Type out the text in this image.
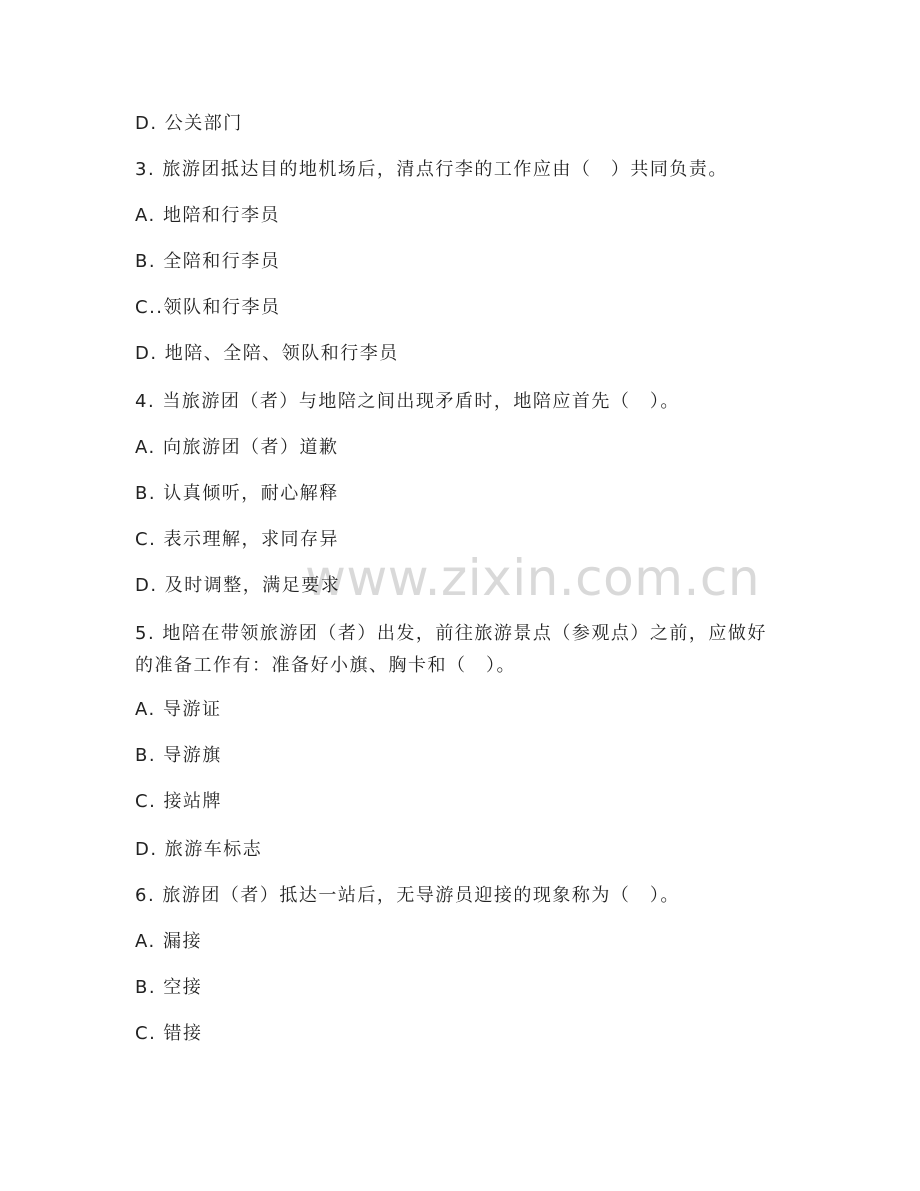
www.zixin.com.cn
D. 公关部门
3. 旅游团抵达目的地机场后，清点行李的工作应由（　）共同负责。
A. 地陪和行李员
B. 全陪和行李员
C..领队和行李员
D. 地陪、全陪、领队和行李员
4. 当旅游团（者）与地陪之间出现矛盾时，地陪应首先（　）。
A. 向旅游团（者）道歉
B. 认真倾听，耐心解释
C. 表示理解，求同存异
D. 及时调整，满足要求
5. 地陪在带领旅游团（者）出发，前往旅游景点（参观点）之前，应做好的准备工作有：准备好小旗、胸卡和（　）。
A. 导游证
B. 导游旗
C. 接站牌
D. 旅游车标志
6. 旅游团（者）抵达一站后，无导游员迎接的现象称为（　）。
A. 漏接
B. 空接
C. 错接
